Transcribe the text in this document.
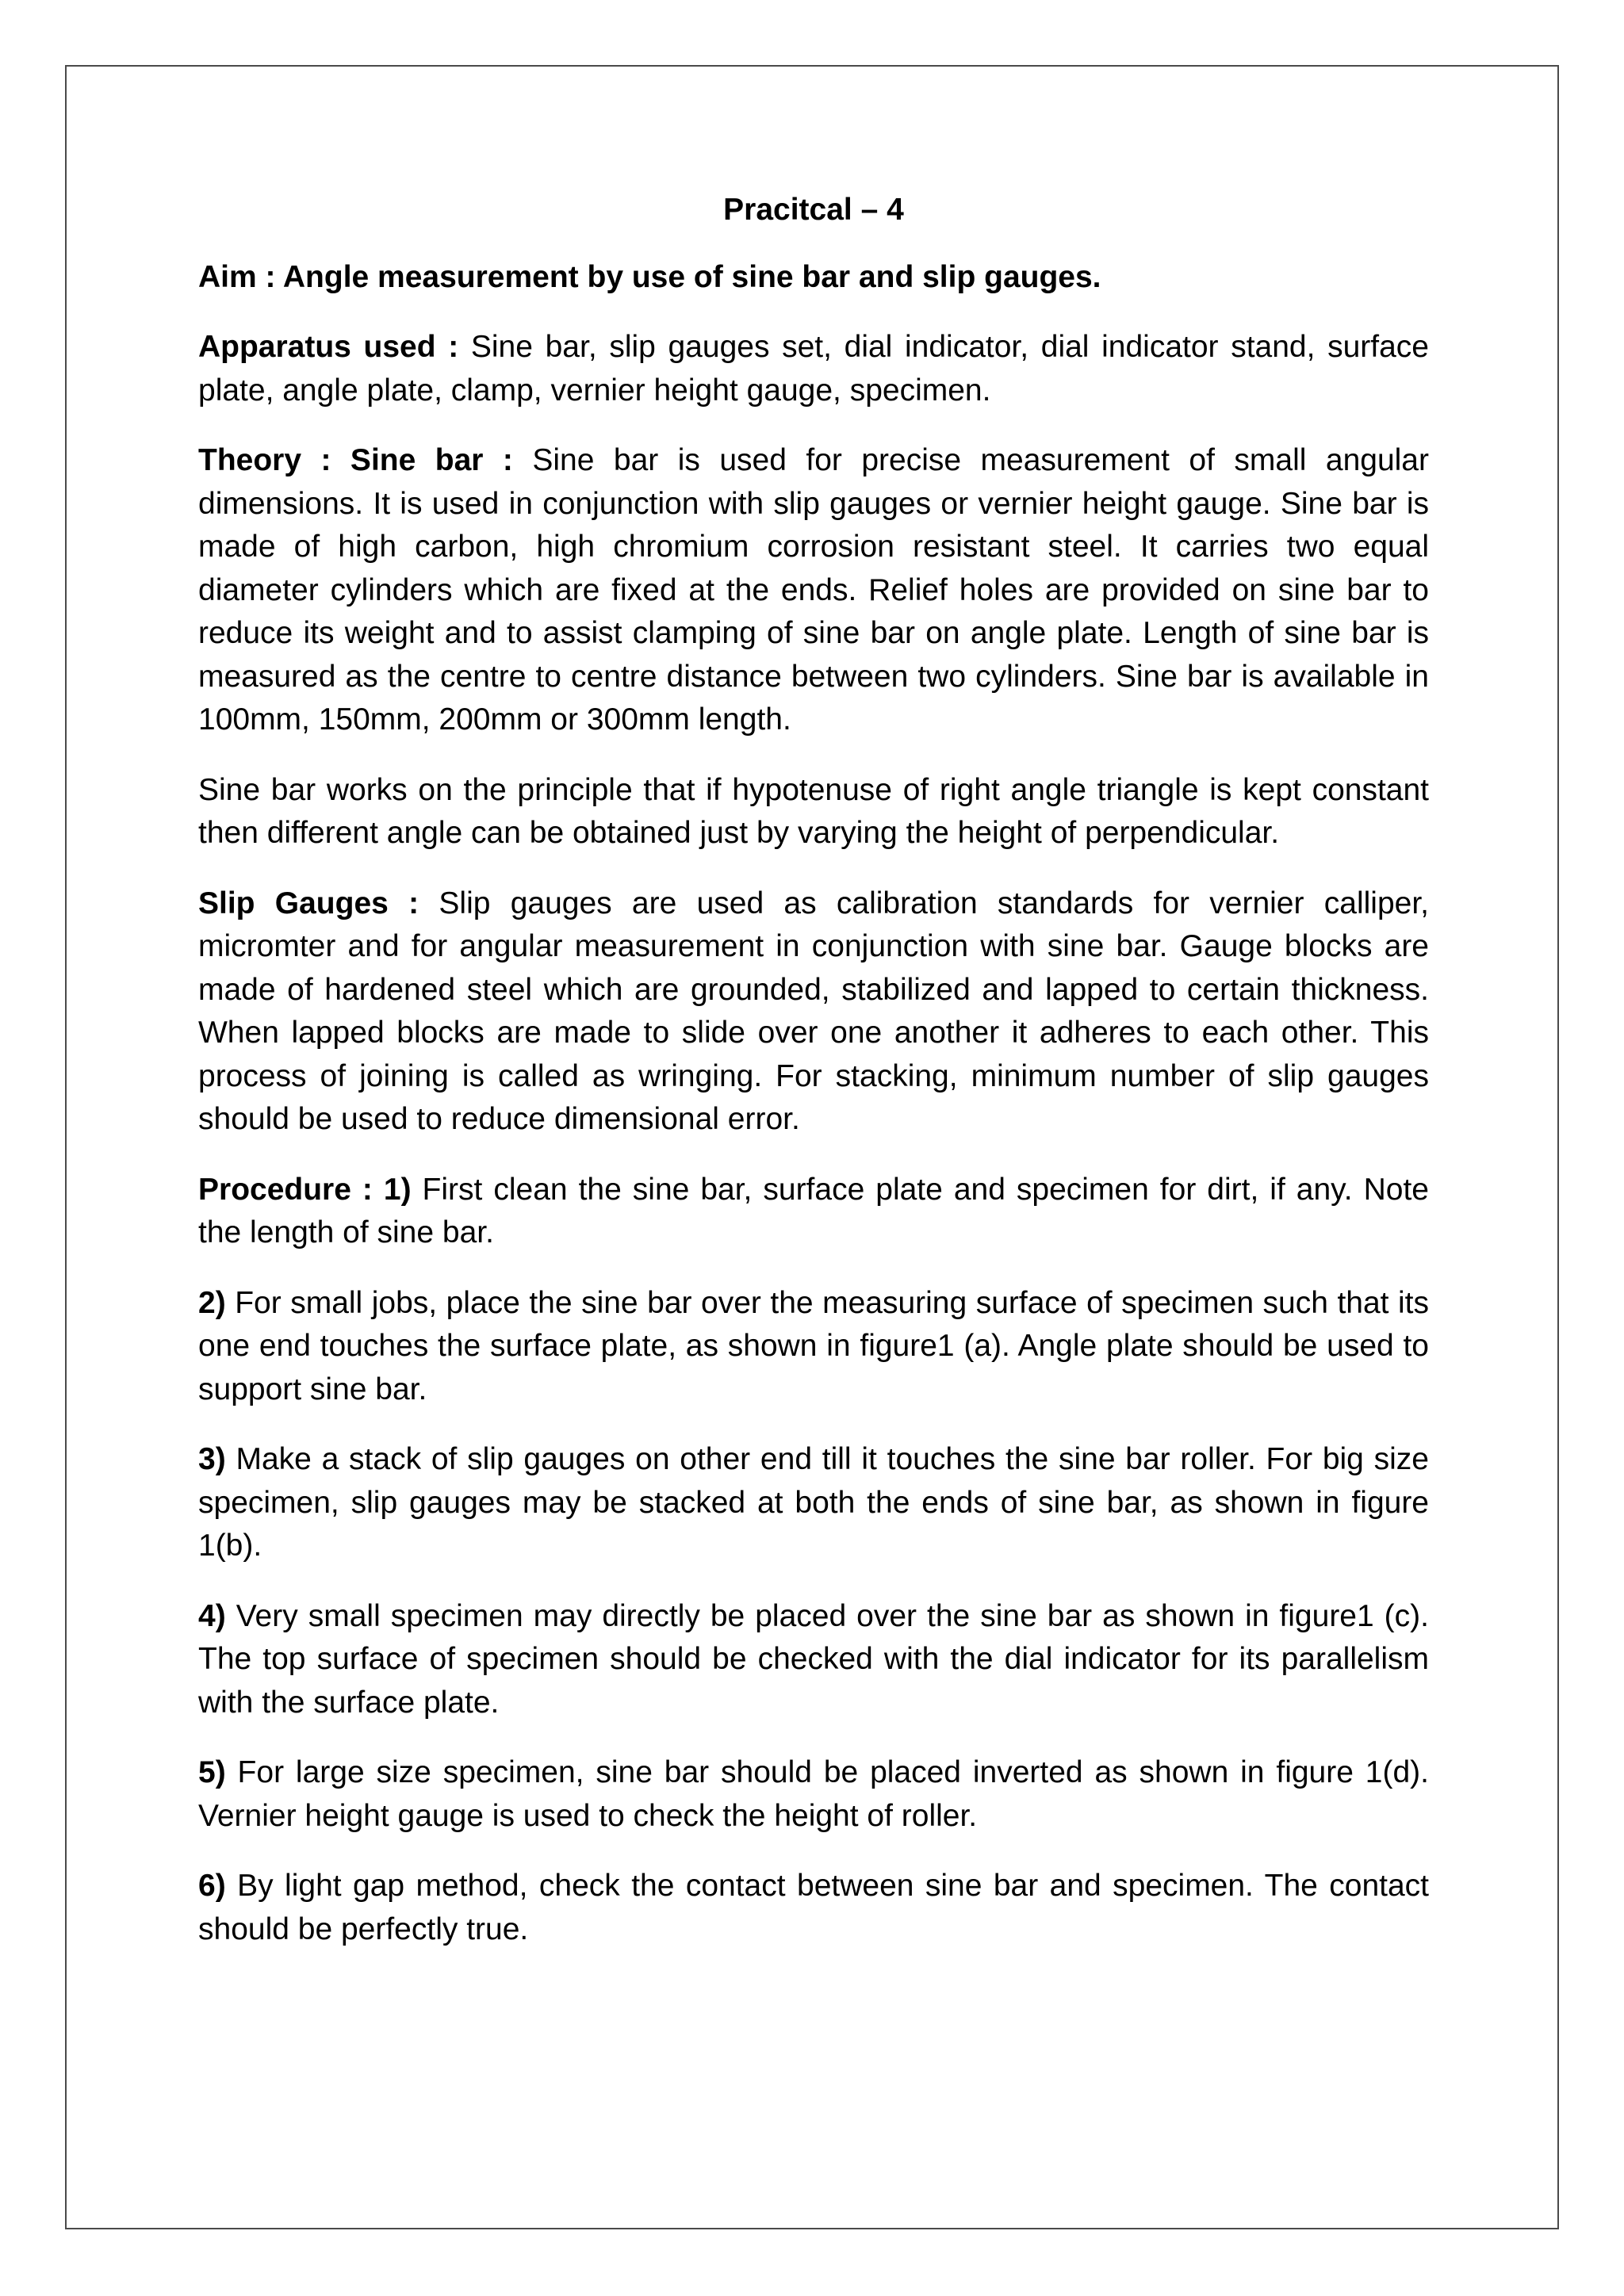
Pracitcal – 4
Aim : Angle measurement by use of sine bar and slip gauges.

Apparatus used : Sine bar, slip gauges set, dial indicator, dial indicator stand, surface plate, angle plate, clamp, vernier height gauge, specimen.

Theory : Sine bar : Sine bar is used for precise measurement of small angular dimensions. It is used in conjunction with slip gauges or vernier height gauge. Sine bar is made of high carbon, high chromium corrosion resistant steel. It carries two equal diameter cylinders which are fixed at the ends. Relief holes are provided on sine bar to reduce its weight and to assist clamping of sine bar on angle plate. Length of sine bar is measured as the centre to centre distance between two cylinders. Sine bar is available in 100mm, 150mm, 200mm or 300mm length.

Sine bar works on the principle that if hypotenuse of right angle triangle is kept constant then different angle can be obtained just by varying the height of perpendicular.

Slip Gauges : Slip gauges are used as calibration standards for vernier calliper, micromter and for angular measurement in conjunction with sine bar. Gauge blocks are made of hardened steel which are grounded, stabilized and lapped to certain thickness. When lapped blocks are made to slide over one another it adheres to each other. This process of joining is called as wringing. For stacking, minimum number of slip gauges should be used to reduce dimensional error.

Procedure : 1) First clean the sine bar, surface plate and specimen for dirt, if any. Note the length of sine bar.

2) For small jobs, place the sine bar over the measuring surface of specimen such that its one end touches the surface plate, as shown in figure1 (a). Angle plate should be used to support sine bar.

3) Make a stack of slip gauges on other end till it touches the sine bar roller. For big size specimen, slip gauges may be stacked at both the ends of sine bar, as shown in figure 1(b).

4) Very small specimen may directly be placed over the sine bar as shown in figure1 (c). The top surface of specimen should be checked with the dial indicator for its parallelism with the surface plate.

5) For large size specimen, sine bar should be placed inverted as shown in figure 1(d). Vernier height gauge is used to check the height of roller.

6) By light gap method, check the contact between sine bar and specimen. The contact should be perfectly true.
